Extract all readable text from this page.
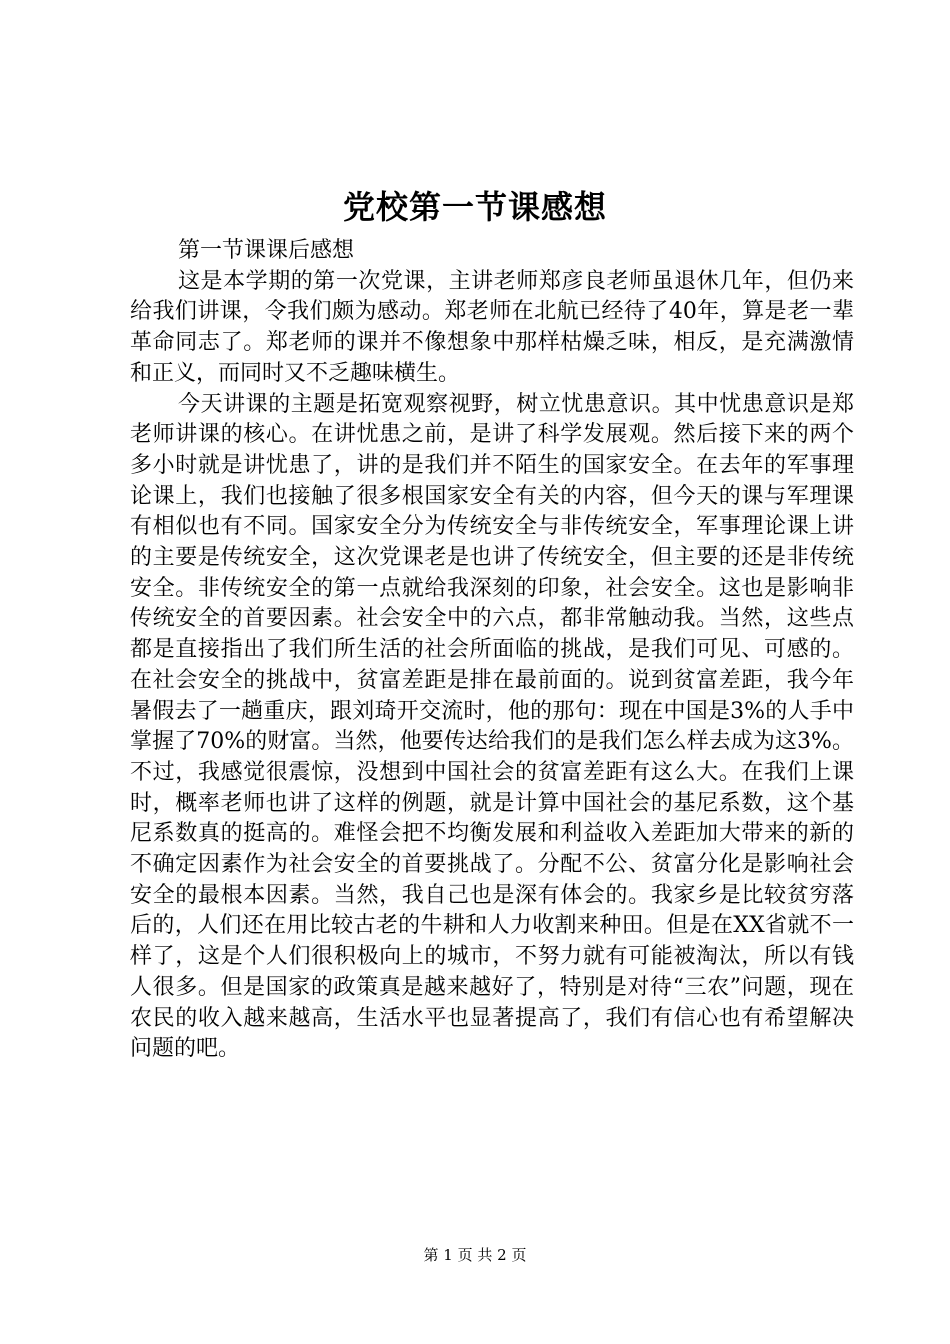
党校第一节课感想

第一节课课后感想

这是本学期的第一次党课，主讲老师郑彦良老师虽退休几年，但仍来给我们讲课，令我们颇为感动。郑老师在北航已经待了40年，算是老一辈革命同志了。郑老师的课并不像想象中那样枯燥乏味，相反，是充满激情和正义，而同时又不乏趣味横生。

今天讲课的主题是拓宽观察视野，树立忧患意识。其中忧患意识是郑老师讲课的核心。在讲忧患之前，是讲了科学发展观。然后接下来的两个多小时就是讲忧患了，讲的是我们并不陌生的国家安全。在去年的军事理论课上，我们也接触了很多根国家安全有关的内容，但今天的课与军理课有相似也有不同。国家安全分为传统安全与非传统安全，军事理论课上讲的主要是传统安全，这次党课老是也讲了传统安全，但主要的还是非传统安全。非传统安全的第一点就给我深刻的印象，社会安全。这也是影响非传统安全的首要因素。社会安全中的六点，都非常触动我。当然，这些点都是直接指出了我们所生活的社会所面临的挑战，是我们可见、可感的。在社会安全的挑战中，贫富差距是排在最前面的。说到贫富差距，我今年暑假去了一趟重庆，跟刘琦开交流时，他的那句：现在中国是3%的人手中掌握了70%的财富。当然，他要传达给我们的是我们怎么样去成为这3%。不过，我感觉很震惊，没想到中国社会的贫富差距有这么大。在我们上课时，概率老师也讲了这样的例题，就是计算中国社会的基尼系数，这个基尼系数真的挺高的。难怪会把不均衡发展和利益收入差距加大带来的新的不确定因素作为社会安全的首要挑战了。分配不公、贫富分化是影响社会安全的最根本因素。当然，我自己也是深有体会的。我家乡是比较贫穷落后的，人们还在用比较古老的牛耕和人力收割来种田。但是在XX省就不一样了，这是个人们很积极向上的城市，不努力就有可能被淘汰，所以有钱人很多。但是国家的政策真是越来越好了，特别是对待“三农”问题，现在农民的收入越来越高，生活水平也显著提高了，我们有信心也有希望解决问题的吧。

第 1 页 共 2 页
